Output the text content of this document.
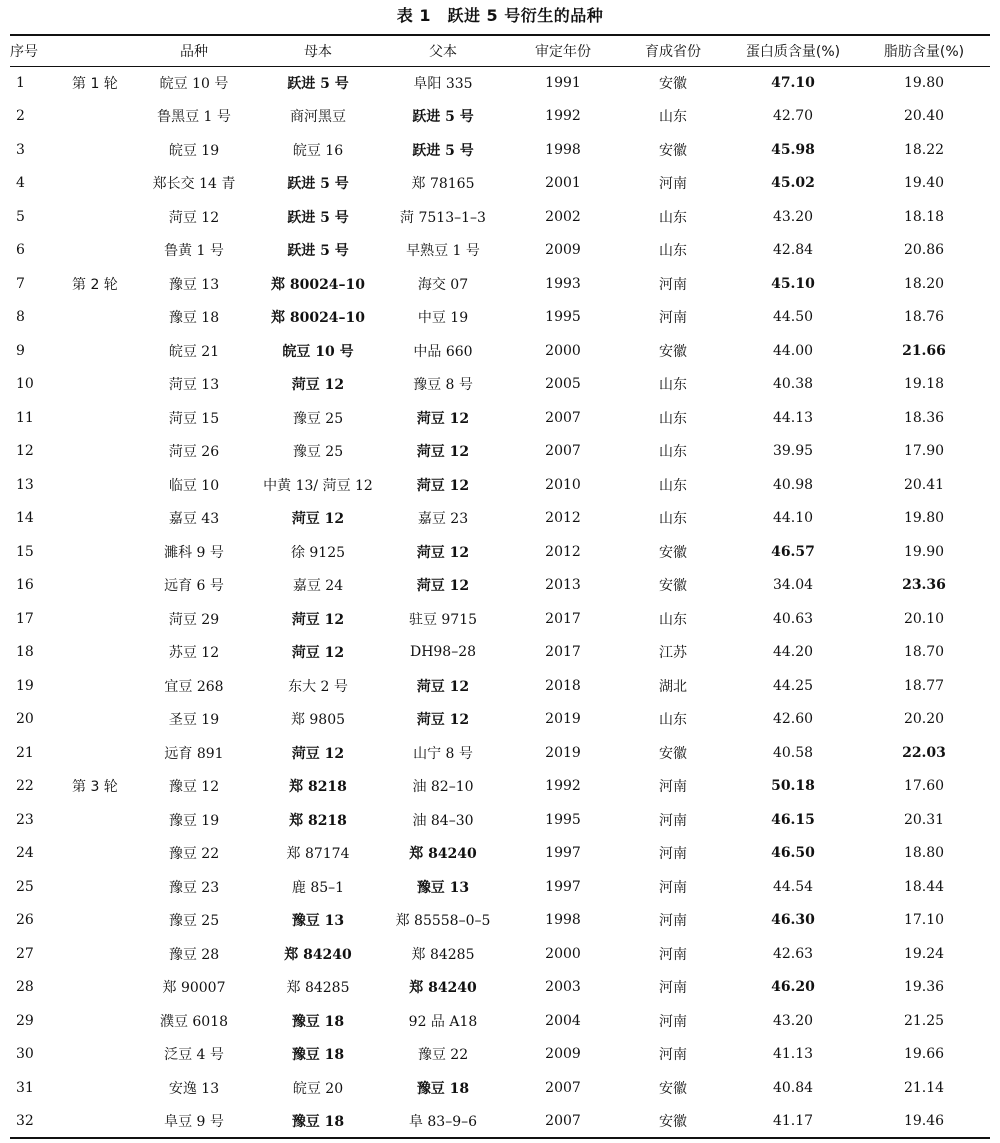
表 1　跃进 5 号衍生的品种
序号		品种	母本	父本	审定年份	育成省份	蛋白质含量(%)	脂肪含量(%)
1	第 1 轮	皖豆 10 号	跃进 5 号	阜阳 335	1991	安徽	47.10	19.80
2		鲁黑豆 1 号	商河黑豆	跃进 5 号	1992	山东	42.70	20.40
3		皖豆 19	皖豆 16	跃进 5 号	1998	安徽	45.98	18.22
4		郑长交 14 青	跃进 5 号	郑 78165	2001	河南	45.02	19.40
5		菏豆 12	跃进 5 号	菏 7513–1–3	2002	山东	43.20	18.18
6		鲁黄 1 号	跃进 5 号	早熟豆 1 号	2009	山东	42.84	20.86
7	第 2 轮	豫豆 13	郑 80024–10	海交 07	1993	河南	45.10	18.20
8		豫豆 18	郑 80024–10	中豆 19	1995	河南	44.50	18.76
9		皖豆 21	皖豆 10 号	中品 660	2000	安徽	44.00	21.66
10		菏豆 13	菏豆 12	豫豆 8 号	2005	山东	40.38	19.18
11		菏豆 15	豫豆 25	菏豆 12	2007	山东	44.13	18.36
12		菏豆 26	豫豆 25	菏豆 12	2007	山东	39.95	17.90
13		临豆 10	中黄 13/ 菏豆 12	菏豆 12	2010	山东	40.98	20.41
14		嘉豆 43	菏豆 12	嘉豆 23	2012	山东	44.10	19.80
15		濉科 9 号	徐 9125	菏豆 12	2012	安徽	46.57	19.90
16		远育 6 号	嘉豆 24	菏豆 12	2013	安徽	34.04	23.36
17		菏豆 29	菏豆 12	驻豆 9715	2017	山东	40.63	20.10
18		苏豆 12	菏豆 12	DH98–28	2017	江苏	44.20	18.70
19		宜豆 268	东大 2 号	菏豆 12	2018	湖北	44.25	18.77
20		圣豆 19	郑 9805	菏豆 12	2019	山东	42.60	20.20
21		远育 891	菏豆 12	山宁 8 号	2019	安徽	40.58	22.03
22	第 3 轮	豫豆 12	郑 8218	油 82–10	1992	河南	50.18	17.60
23		豫豆 19	郑 8218	油 84–30	1995	河南	46.15	20.31
24		豫豆 22	郑 87174	郑 84240	1997	河南	46.50	18.80
25		豫豆 23	鹿 85–1	豫豆 13	1997	河南	44.54	18.44
26		豫豆 25	豫豆 13	郑 85558–0–5	1998	河南	46.30	17.10
27		豫豆 28	郑 84240	郑 84285	2000	河南	42.63	19.24
28		郑 90007	郑 84285	郑 84240	2003	河南	46.20	19.36
29		濮豆 6018	豫豆 18	92 品 A18	2004	河南	43.20	21.25
30		泛豆 4 号	豫豆 18	豫豆 22	2009	河南	41.13	19.66
31		安逸 13	皖豆 20	豫豆 18	2007	安徽	40.84	21.14
32		阜豆 9 号	豫豆 18	阜 83–9–6	2007	安徽	41.17	19.46
